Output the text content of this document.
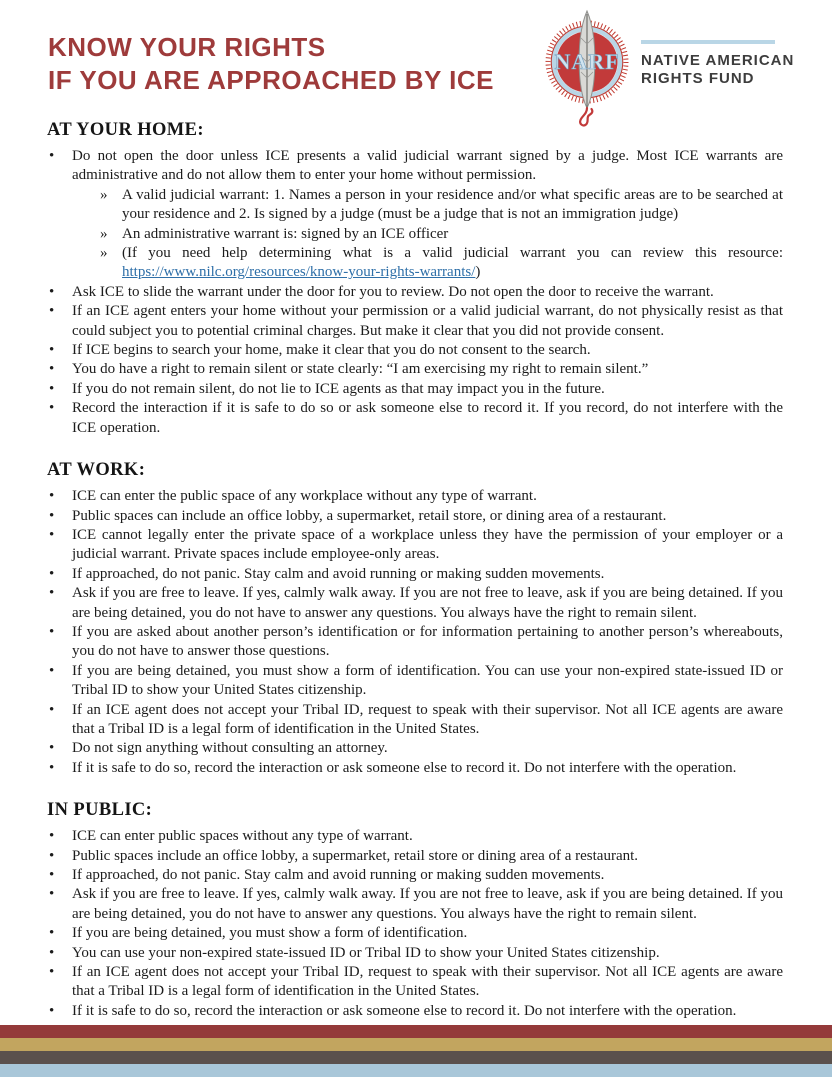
KNOW YOUR RIGHTS
IF YOU ARE APPROACHED BY ICE
NARF NATIVE AMERICAN
RIGHTS FUND
AT YOUR HOME:
• Do not open the door unless ICE presents a valid judicial warrant signed by a judge. Most ICE warrants are administrative and do not allow them to enter your home without permission.
» A valid judicial warrant: 1. Names a person in your residence and/or what specific areas are to be searched at your residence and 2. Is signed by a judge (must be a judge that is not an immigration judge)
» An administrative warrant is: signed by an ICE officer
» (If you need help determining what is a valid judicial warrant you can review this resource: https://www.nilc.org/resources/know-your-rights-warrants/)
• Ask ICE to slide the warrant under the door for you to review. Do not open the door to receive the warrant.
• If an ICE agent enters your home without your permission or a valid judicial warrant, do not physically resist as that could subject you to potential criminal charges. But make it clear that you did not provide consent.
• If ICE begins to search your home, make it clear that you do not consent to the search.
• You do have a right to remain silent or state clearly: “I am exercising my right to remain silent.”
• If you do not remain silent, do not lie to ICE agents as that may impact you in the future.
• Record the interaction if it is safe to do so or ask someone else to record it. If you record, do not interfere with the ICE operation.
AT WORK:
• ICE can enter the public space of any workplace without any type of warrant.
• Public spaces can include an office lobby, a supermarket, retail store, or dining area of a restaurant.
• ICE cannot legally enter the private space of a workplace unless they have the permission of your employer or a judicial warrant. Private spaces include employee-only areas.
• If approached, do not panic. Stay calm and avoid running or making sudden movements.
• Ask if you are free to leave. If yes, calmly walk away. If you are not free to leave, ask if you are being detained. If you are being detained, you do not have to answer any questions. You always have the right to remain silent.
• If you are asked about another person’s identification or for information pertaining to another person’s whereabouts, you do not have to answer those questions.
• If you are being detained, you must show a form of identification. You can use your non-expired state-issued ID or Tribal ID to show your United States citizenship.
• If an ICE agent does not accept your Tribal ID, request to speak with their supervisor. Not all ICE agents are aware that a Tribal ID is a legal form of identification in the United States.
• Do not sign anything without consulting an attorney.
• If it is safe to do so, record the interaction or ask someone else to record it. Do not interfere with the operation.
IN PUBLIC:
• ICE can enter public spaces without any type of warrant.
• Public spaces include an office lobby, a supermarket, retail store or dining area of a restaurant.
• If approached, do not panic. Stay calm and avoid running or making sudden movements.
• Ask if you are free to leave. If yes, calmly walk away. If you are not free to leave, ask if you are being detained. If you are being detained, you do not have to answer any questions. You always have the right to remain silent.
• If you are being detained, you must show a form of identification.
• You can use your non-expired state-issued ID or Tribal ID to show your United States citizenship.
• If an ICE agent does not accept your Tribal ID, request to speak with their supervisor. Not all ICE agents are aware that a Tribal ID is a legal form of identification in the United States.
• If it is safe to do so, record the interaction or ask someone else to record it. Do not interfere with the operation.
